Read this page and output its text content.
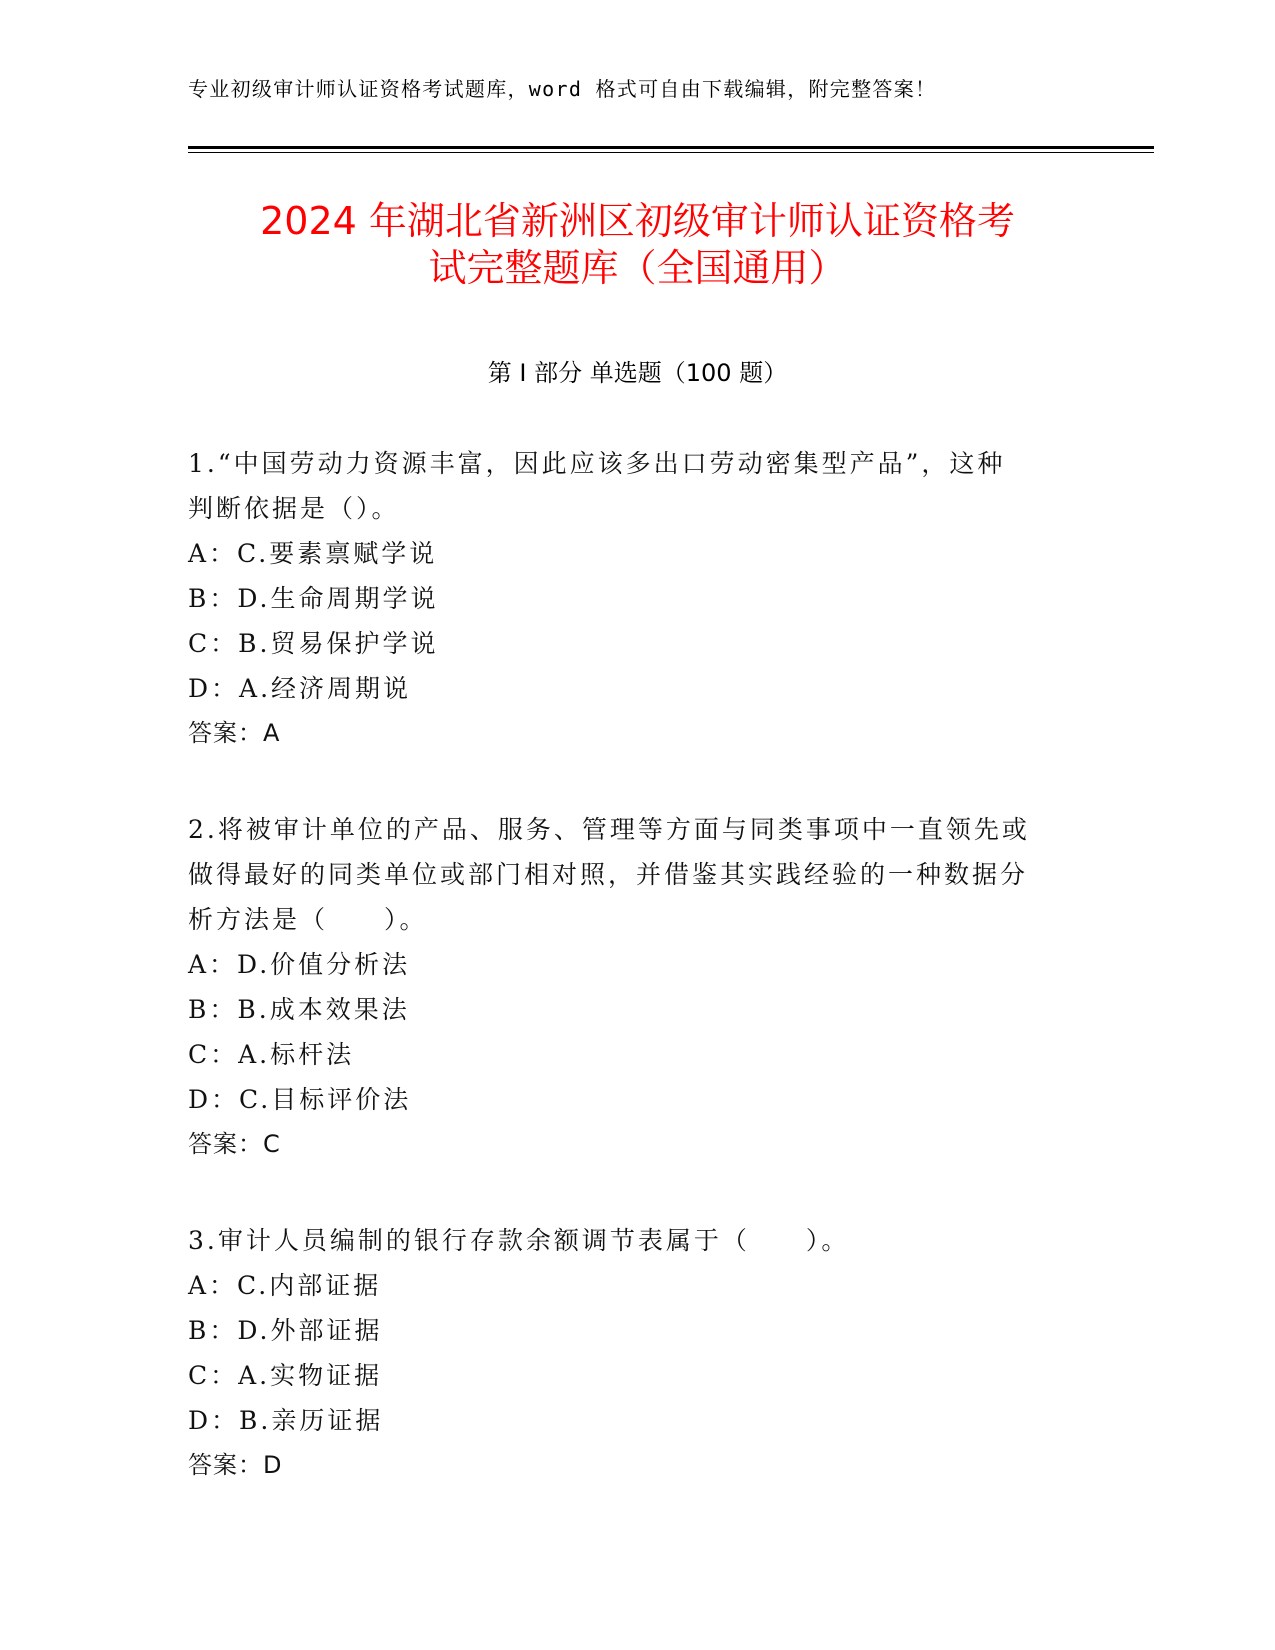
专业初级审计师认证资格考试题库，word 格式可自由下载编辑，附完整答案！
2024 年湖北省新洲区初级审计师认证资格考
试完整题库（全国通用）
第 I 部分 单选题（100 题）
1.“中国劳动力资源丰富，因此应该多出口劳动密集型产品”，这种
判断依据是（）。
A：C.要素禀赋学说
B：D.生命周期学说
C：B.贸易保护学说
D：A.经济周期说
答案：A
2.将被审计单位的产品、服务、管理等方面与同类事项中一直领先或
做得最好的同类单位或部门相对照，并借鉴其实践经验的一种数据分
析方法是（　　）。
A：D.价值分析法
B：B.成本效果法
C：A.标杆法
D：C.目标评价法
答案：C
3.审计人员编制的银行存款余额调节表属于（　　）。
A：C.内部证据
B：D.外部证据
C：A.实物证据
D：B.亲历证据
答案：D
